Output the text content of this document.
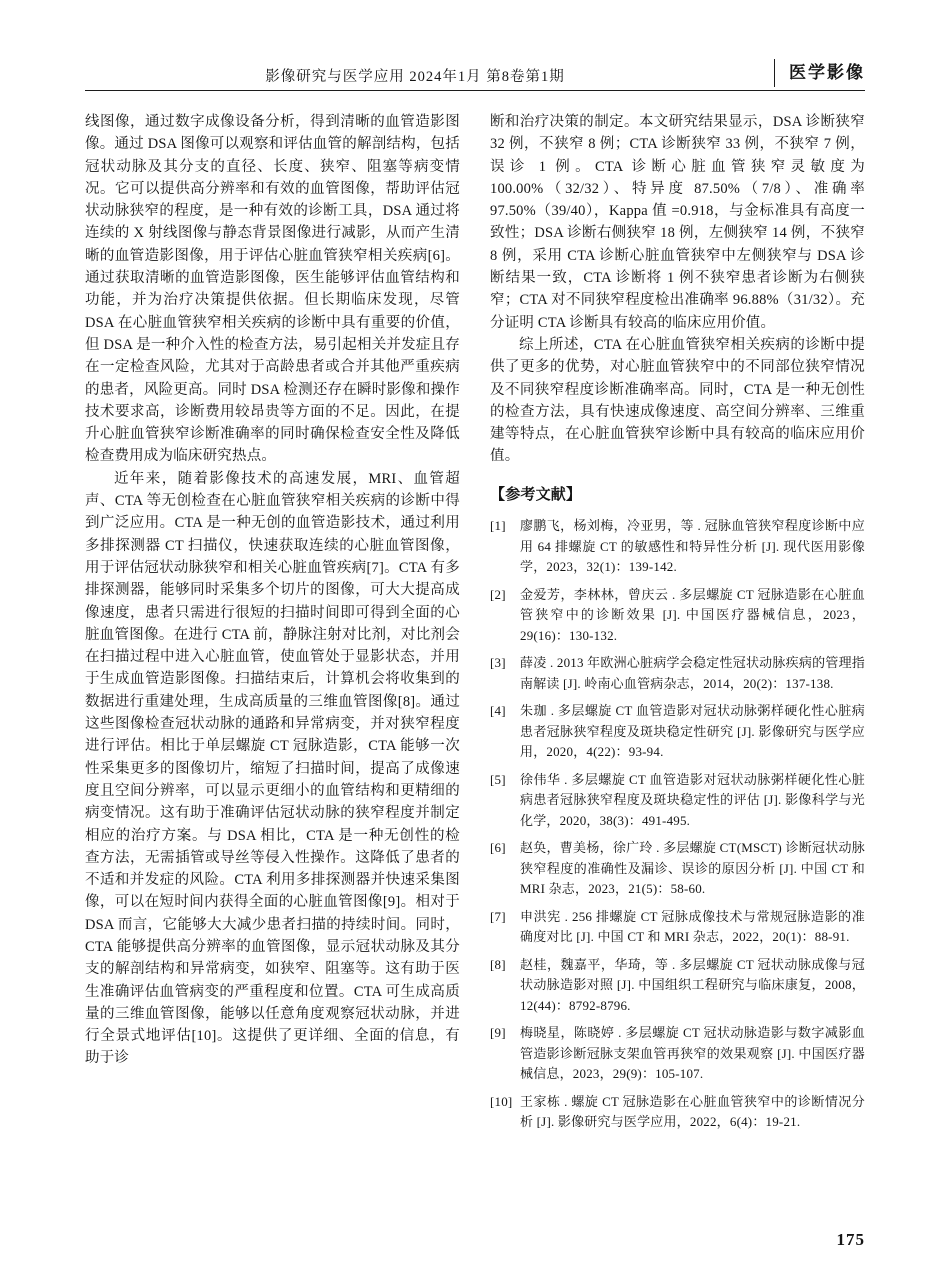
影像研究与医学应用 2024年1月 第8卷第1期	医学影像

线图像，通过数字成像设备分析，得到清晰的血管造影图像。通过 DSA 图像可以观察和评估血管的解剖结构，包括冠状动脉及其分支的直径、长度、狭窄、阻塞等病变情况。它可以提供高分辨率和有效的血管图像，帮助评估冠状动脉狭窄的程度，是一种有效的诊断工具，DSA 通过将连续的 X 射线图像与静态背景图像进行减影，从而产生清晰的血管造影图像，用于评估心脏血管狭窄相关疾病[6]。通过获取清晰的血管造影图像，医生能够评估血管结构和功能，并为治疗决策提供依据。但长期临床发现，尽管 DSA 在心脏血管狭窄相关疾病的诊断中具有重要的价值，但 DSA 是一种介入性的检查方法，易引起相关并发症且存在一定检查风险，尤其对于高龄患者或合并其他严重疾病的患者，风险更高。同时 DSA 检测还存在瞬时影像和操作技术要求高，诊断费用较昂贵等方面的不足。因此，在提升心脏血管狭窄诊断准确率的同时确保检查安全性及降低检查费用成为临床研究热点。

近年来，随着影像技术的高速发展，MRI、血管超声、CTA 等无创检查在心脏血管狭窄相关疾病的诊断中得到广泛应用。CTA 是一种无创的血管造影技术，通过利用多排探测器 CT 扫描仪，快速获取连续的心脏血管图像，用于评估冠状动脉狭窄和相关心脏血管疾病[7]。CTA 有多排探测器，能够同时采集多个切片的图像，可大大提高成像速度，患者只需进行很短的扫描时间即可得到全面的心脏血管图像。在进行 CTA 前，静脉注射对比剂，对比剂会在扫描过程中进入心脏血管，使血管处于显影状态，并用于生成血管造影图像。扫描结束后，计算机会将收集到的数据进行重建处理，生成高质量的三维血管图像[8]。通过这些图像检查冠状动脉的通路和异常病变，并对狭窄程度进行评估。相比于单层螺旋 CT 冠脉造影，CTA 能够一次性采集更多的图像切片，缩短了扫描时间，提高了成像速度且空间分辨率，可以显示更细小的血管结构和更精细的病变情况。这有助于准确评估冠状动脉的狭窄程度并制定相应的治疗方案。与 DSA 相比，CTA 是一种无创性的检查方法，无需插管或导丝等侵入性操作。这降低了患者的不适和并发症的风险。CTA 利用多排探测器并快速采集图像，可以在短时间内获得全面的心脏血管图像[9]。相对于 DSA 而言，它能够大大减少患者扫描的持续时间。同时，CTA 能够提供高分辨率的血管图像，显示冠状动脉及其分支的解剖结构和异常病变，如狭窄、阻塞等。这有助于医生准确评估血管病变的严重程度和位置。CTA 可生成高质量的三维血管图像，能够以任意角度观察冠状动脉，并进行全景式地评估[10]。这提供了更详细、全面的信息，有助于诊

断和治疗决策的制定。本文研究结果显示，DSA 诊断狭窄 32 例，不狭窄 8 例；CTA 诊断狭窄 33 例，不狭窄 7 例，误诊 1 例。CTA 诊断心脏血管狭窄灵敏度为 100.00%（32/32）、特异度 87.50%（7/8）、准确率 97.50%（39/40），Kappa 值 =0.918，与金标准具有高度一致性；DSA 诊断右侧狭窄 18 例，左侧狭窄 14 例，不狭窄 8 例，采用 CTA 诊断心脏血管狭窄中左侧狭窄与 DSA 诊断结果一致，CTA 诊断将 1 例不狭窄患者诊断为右侧狭窄；CTA 对不同狭窄程度检出准确率 96.88%（31/32）。充分证明 CTA 诊断具有较高的临床应用价值。

综上所述，CTA 在心脏血管狭窄相关疾病的诊断中提供了更多的优势，对心脏血管狭窄中的不同部位狭窄情况及不同狭窄程度诊断准确率高。同时，CTA 是一种无创性的检查方法，具有快速成像速度、高空间分辨率、三维重建等特点，在心脏血管狭窄诊断中具有较高的临床应用价值。

【参考文献】
[1]	廖鹏飞，杨刘梅，冷亚男，等 . 冠脉血管狭窄程度诊断中应用 64 排螺旋 CT 的敏感性和特异性分析 [J]. 现代医用影像学，2023，32(1)：139-142.
[2]	金爱芳，李林林，曾庆云 . 多层螺旋 CT 冠脉造影在心脏血管狭窄中的诊断效果 [J]. 中国医疗器械信息，2023，29(16)：130-132.
[3]	薛凌 . 2013 年欧洲心脏病学会稳定性冠状动脉疾病的管理指南解读 [J]. 岭南心血管病杂志，2014，20(2)：137-138.
[4]	朱珈 . 多层螺旋 CT 血管造影对冠状动脉粥样硬化性心脏病患者冠脉狭窄程度及斑块稳定性研究 [J]. 影像研究与医学应用，2020，4(22)：93-94.
[5]	徐伟华 . 多层螺旋 CT 血管造影对冠状动脉粥样硬化性心脏病患者冠脉狭窄程度及斑块稳定性的评估 [J]. 影像科学与光化学，2020，38(3)：491-495.
[6]	赵奂，曹美杨，徐广玲 . 多层螺旋 CT(MSCT) 诊断冠状动脉狭窄程度的准确性及漏诊、误诊的原因分析 [J]. 中国 CT 和 MRI 杂志，2023，21(5)：58-60.
[7]	申洪宪 . 256 排螺旋 CT 冠脉成像技术与常规冠脉造影的准确度对比 [J]. 中国 CT 和 MRI 杂志，2022，20(1)：88-91.
[8]	赵桂，魏嘉平，华琦，等 . 多层螺旋 CT 冠状动脉成像与冠状动脉造影对照 [J]. 中国组织工程研究与临床康复，2008，12(44)：8792-8796.
[9]	梅晓星，陈晓婷 . 多层螺旋 CT 冠状动脉造影与数字减影血管造影诊断冠脉支架血管再狭窄的效果观察 [J]. 中国医疗器械信息，2023，29(9)：105-107.
[10] 王家栋 . 螺旋 CT 冠脉造影在心脏血管狭窄中的诊断情况分析 [J]. 影像研究与医学应用，2022，6(4)：19-21.
175
